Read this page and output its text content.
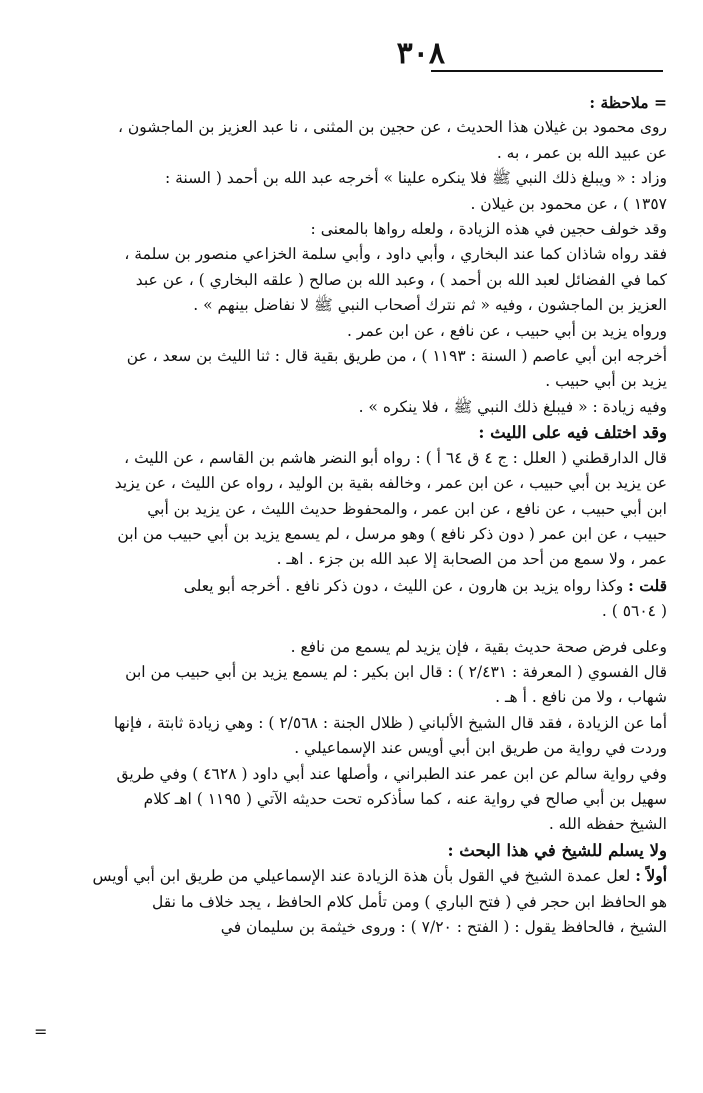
٣٠٨
= ملاحظة :
روى محمود بن غيلان هذا الحديث ، عن حجين بن المثنى ، نا عبد العزيز بن الماجشون ،
عن عبيد الله بن عمر ، به .
وزاد : « ويبلغ ذلك النبي ﷺ فلا ينكره علينا » أخرجه عبد الله بن أحمد ( السنة :
١٣٥٧ ) ، عن محمود بن غيلان .
وقد خولف حجين في هذه الزيادة ، ولعله رواها بالمعنى :
فقد رواه شاذان كما عند البخاري ، وأبي داود ، وأبي سلمة الخزاعي منصور بن سلمة ،
كما في الفضائل لعبد الله بن أحمد ) ، وعبد الله بن صالح ( علقه البخاري ) ، عن عبد
العزيز بن الماجشون ، وفيه « ثم نترك أصحاب النبي ﷺ لا نفاضل بينهم » .
ورواه يزيد بن أبي حبيب ، عن نافع ، عن ابن عمر .
أخرجه ابن أبي عاصم ( السنة : ١١٩٣ ) ، من طريق بقية قال : ثنا الليث بن سعد ، عن
يزيد بن أبي حبيب .
وفيه زيادة : « فيبلغ ذلك النبي ﷺ ، فلا ينكره » .
وقد اختلف فيه على الليث :
قال الدارقطني ( العلل : ج ٤ ق ٦٤ أ ) : رواه أبو النضر هاشم بن القاسم ، عن الليث ،
عن يزيد بن أبي حبيب ، عن ابن عمر ، وخالفه بقية بن الوليد ، رواه عن الليث ، عن يزيد
ابن أبي حبيب ، عن نافع ، عن ابن عمر ، والمحفوظ حديث الليث ، عن يزيد بن أبي
حبيب ، عن ابن عمر ( دون ذكر نافع ) وهو مرسل ، لم يسمع يزيد بن أبي حبيب من ابن
عمر ، ولا سمع من أحد من الصحابة إلا عبد الله بن جزء . اهـ .
قلت : وكذا رواه يزيد بن هارون ، عن الليث ، دون ذكر نافع . أخرجه أبو يعلى
( ٥٦٠٤ ) .
وعلى فرض صحة حديث بقية ، فإن يزيد لم يسمع من نافع .
قال الفسوي ( المعرفة : ٢/٤٣١ ) : قال ابن بكير : لم يسمع يزيد بن أبي حبيب من ابن
شهاب ، ولا من نافع . أ هـ .
أما عن الزيادة ، فقد قال الشيخ الألباني ( ظلال الجنة : ٢/٥٦٨ ) : وهي زيادة ثابتة ، فإنها
وردت في رواية من طريق ابن أبي أويس عند الإسماعيلي .
وفي رواية سالم عن ابن عمر عند الطبراني ، وأصلها عند أبي داود ( ٤٦٢٨ ) وفي طريق
سهيل بن أبي صالح في رواية عنه ، كما سأذكره تحت حديثه الآتي ( ١١٩٥ ) اهـ كلام
الشيخ حفظه الله .
ولا يسلم للشيخ في هذا البحث :
أولاً : لعل عمدة الشيخ في القول بأن هذة الزيادة عند الإسماعيلي من طريق ابن أبي أويس
هو الحافظ ابن حجر في ( فتح الباري ) ومن تأمل كلام الحافظ ، يجد خلاف ما نقل
الشيخ ، فالحافظ يقول : ( الفتح : ٧/٢٠ ) : وروى خيثمة بن سليمان في
=
